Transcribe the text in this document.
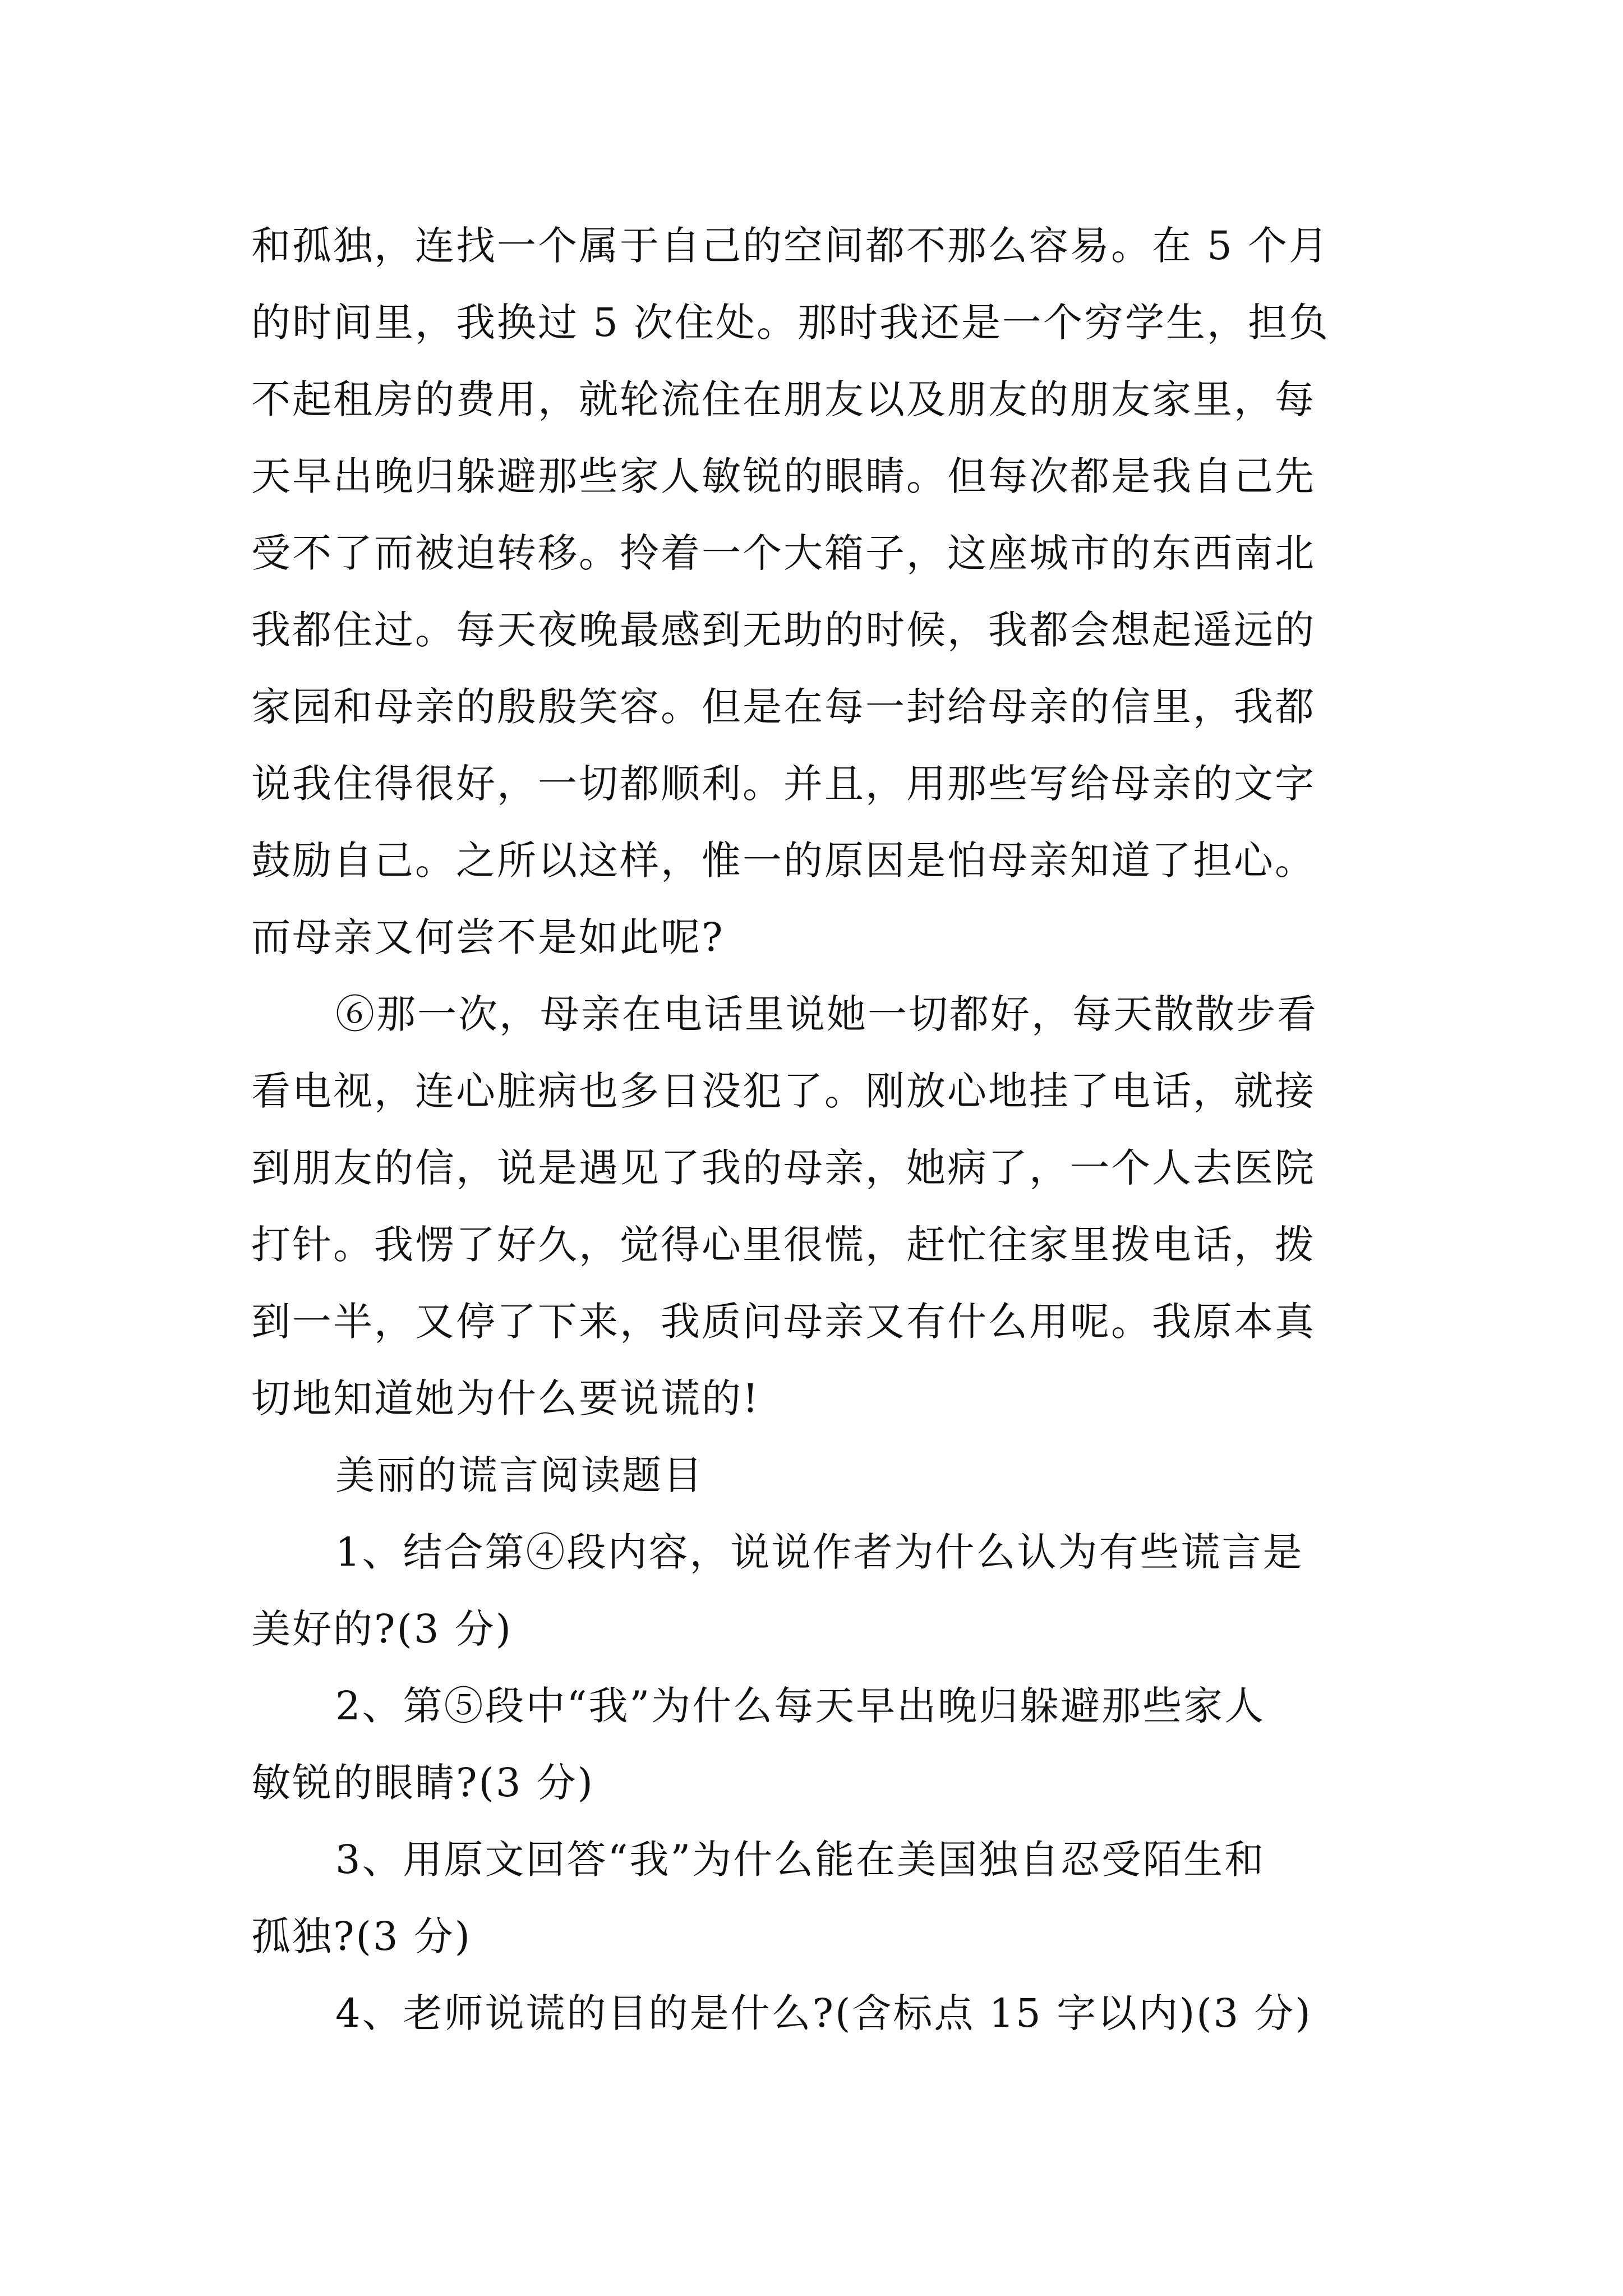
和孤独，连找一个属于自己的空间都不那么容易。在 5 个月
的时间里，我换过 5 次住处。那时我还是一个穷学生，担负
不起租房的费用，就轮流住在朋友以及朋友的朋友家里，每
天早出晚归躲避那些家人敏锐的眼睛。但每次都是我自己先
受不了而被迫转移。拎着一个大箱子，这座城市的东西南北
我都住过。每天夜晚最感到无助的时候，我都会想起遥远的
家园和母亲的殷殷笑容。但是在每一封给母亲的信里，我都
说我住得很好，一切都顺利。并且，用那些写给母亲的文字
鼓励自己。之所以这样，惟一的原因是怕母亲知道了担心。
而母亲又何尝不是如此呢?
⑥那一次，母亲在电话里说她一切都好，每天散散步看
看电视，连心脏病也多日没犯了。刚放心地挂了电话，就接
到朋友的信，说是遇见了我的母亲，她病了，一个人去医院
打针。我愣了好久，觉得心里很慌，赶忙往家里拨电话，拨
到一半，又停了下来，我质问母亲又有什么用呢。我原本真
切地知道她为什么要说谎的!
美丽的谎言阅读题目
1、结合第④段内容，说说作者为什么认为有些谎言是
美好的?(3 分)
2、第⑤段中“我”为什么每天早出晚归躲避那些家人
敏锐的眼睛?(3 分)
3、用原文回答“我”为什么能在美国独自忍受陌生和
孤独?(3 分)
4、老师说谎的目的是什么?(含标点 15 字以内)(3 分)
